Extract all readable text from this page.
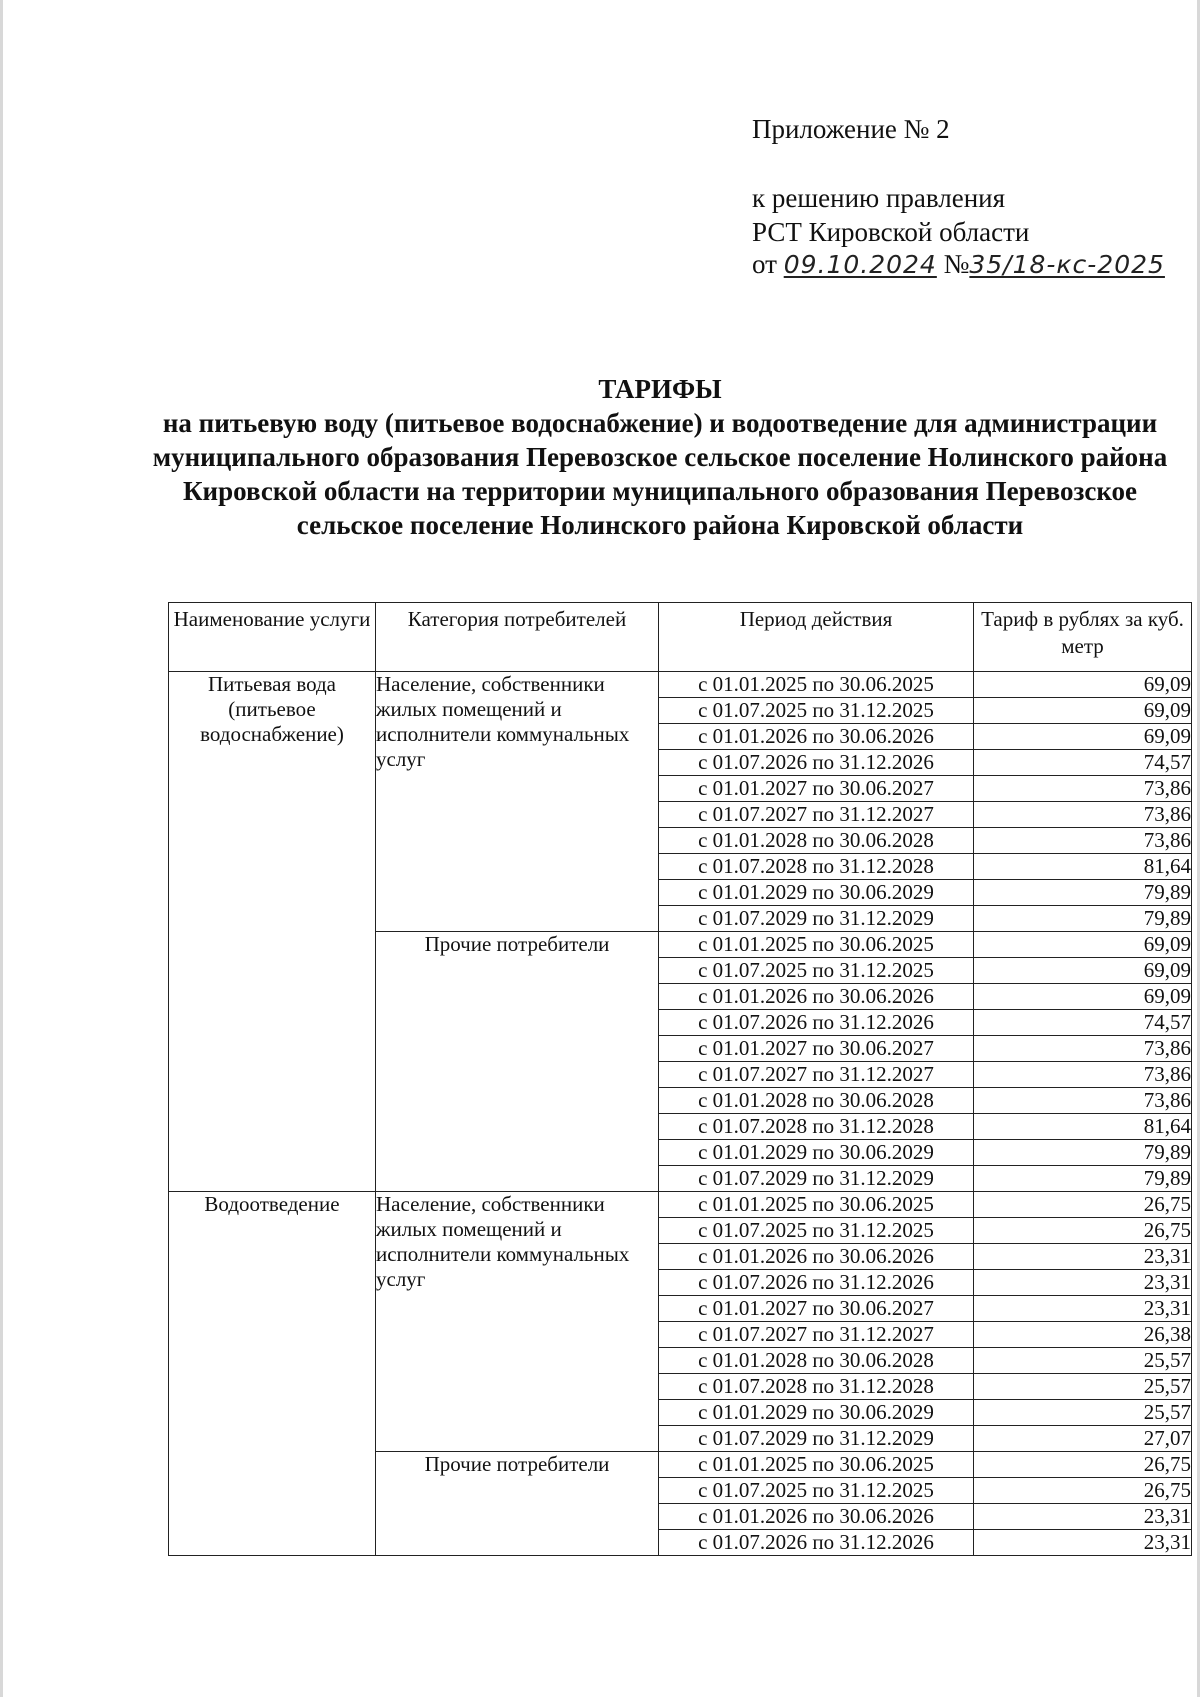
Приложение № 2
к решению правления
РСТ Кировской области
от 09.10.2024 №35/18-кс-2025
ТАРИФЫ
на питьевую воду (питьевое водоснабжение) и водоотведение для администрации муниципального образования Перевозское сельское поселение Нолинского района Кировской области на территории муниципального образования Перевозское сельское поселение Нолинского района Кировской области
Наименование услуги	Категория потребителей	Период действия	Тариф в рублях за куб. метр
Питьевая вода (питьевое водоснабжение)	Население, собственники жилых помещений и исполнители коммунальных услуг	с 01.01.2025 по 30.06.2025	69,09
		с 01.07.2025 по 31.12.2025	69,09
		с 01.01.2026 по 30.06.2026	69,09
		с 01.07.2026 по 31.12.2026	74,57
		с 01.01.2027 по 30.06.2027	73,86
		с 01.07.2027 по 31.12.2027	73,86
		с 01.01.2028 по 30.06.2028	73,86
		с 01.07.2028 по 31.12.2028	81,64
		с 01.01.2029 по 30.06.2029	79,89
		с 01.07.2029 по 31.12.2029	79,89
	Прочие потребители	с 01.01.2025 по 30.06.2025	69,09
		с 01.07.2025 по 31.12.2025	69,09
		с 01.01.2026 по 30.06.2026	69,09
		с 01.07.2026 по 31.12.2026	74,57
		с 01.01.2027 по 30.06.2027	73,86
		с 01.07.2027 по 31.12.2027	73,86
		с 01.01.2028 по 30.06.2028	73,86
		с 01.07.2028 по 31.12.2028	81,64
		с 01.01.2029 по 30.06.2029	79,89
		с 01.07.2029 по 31.12.2029	79,89
Водоотведение	Население, собственники жилых помещений и исполнители коммунальных услуг	с 01.01.2025 по 30.06.2025	26,75
		с 01.07.2025 по 31.12.2025	26,75
		с 01.01.2026 по 30.06.2026	23,31
		с 01.07.2026 по 31.12.2026	23,31
		с 01.01.2027 по 30.06.2027	23,31
		с 01.07.2027 по 31.12.2027	26,38
		с 01.01.2028 по 30.06.2028	25,57
		с 01.07.2028 по 31.12.2028	25,57
		с 01.01.2029 по 30.06.2029	25,57
		с 01.07.2029 по 31.12.2029	27,07
	Прочие потребители	с 01.01.2025 по 30.06.2025	26,75
		с 01.07.2025 по 31.12.2025	26,75
		с 01.01.2026 по 30.06.2026	23,31
		с 01.07.2026 по 31.12.2026	23,31
